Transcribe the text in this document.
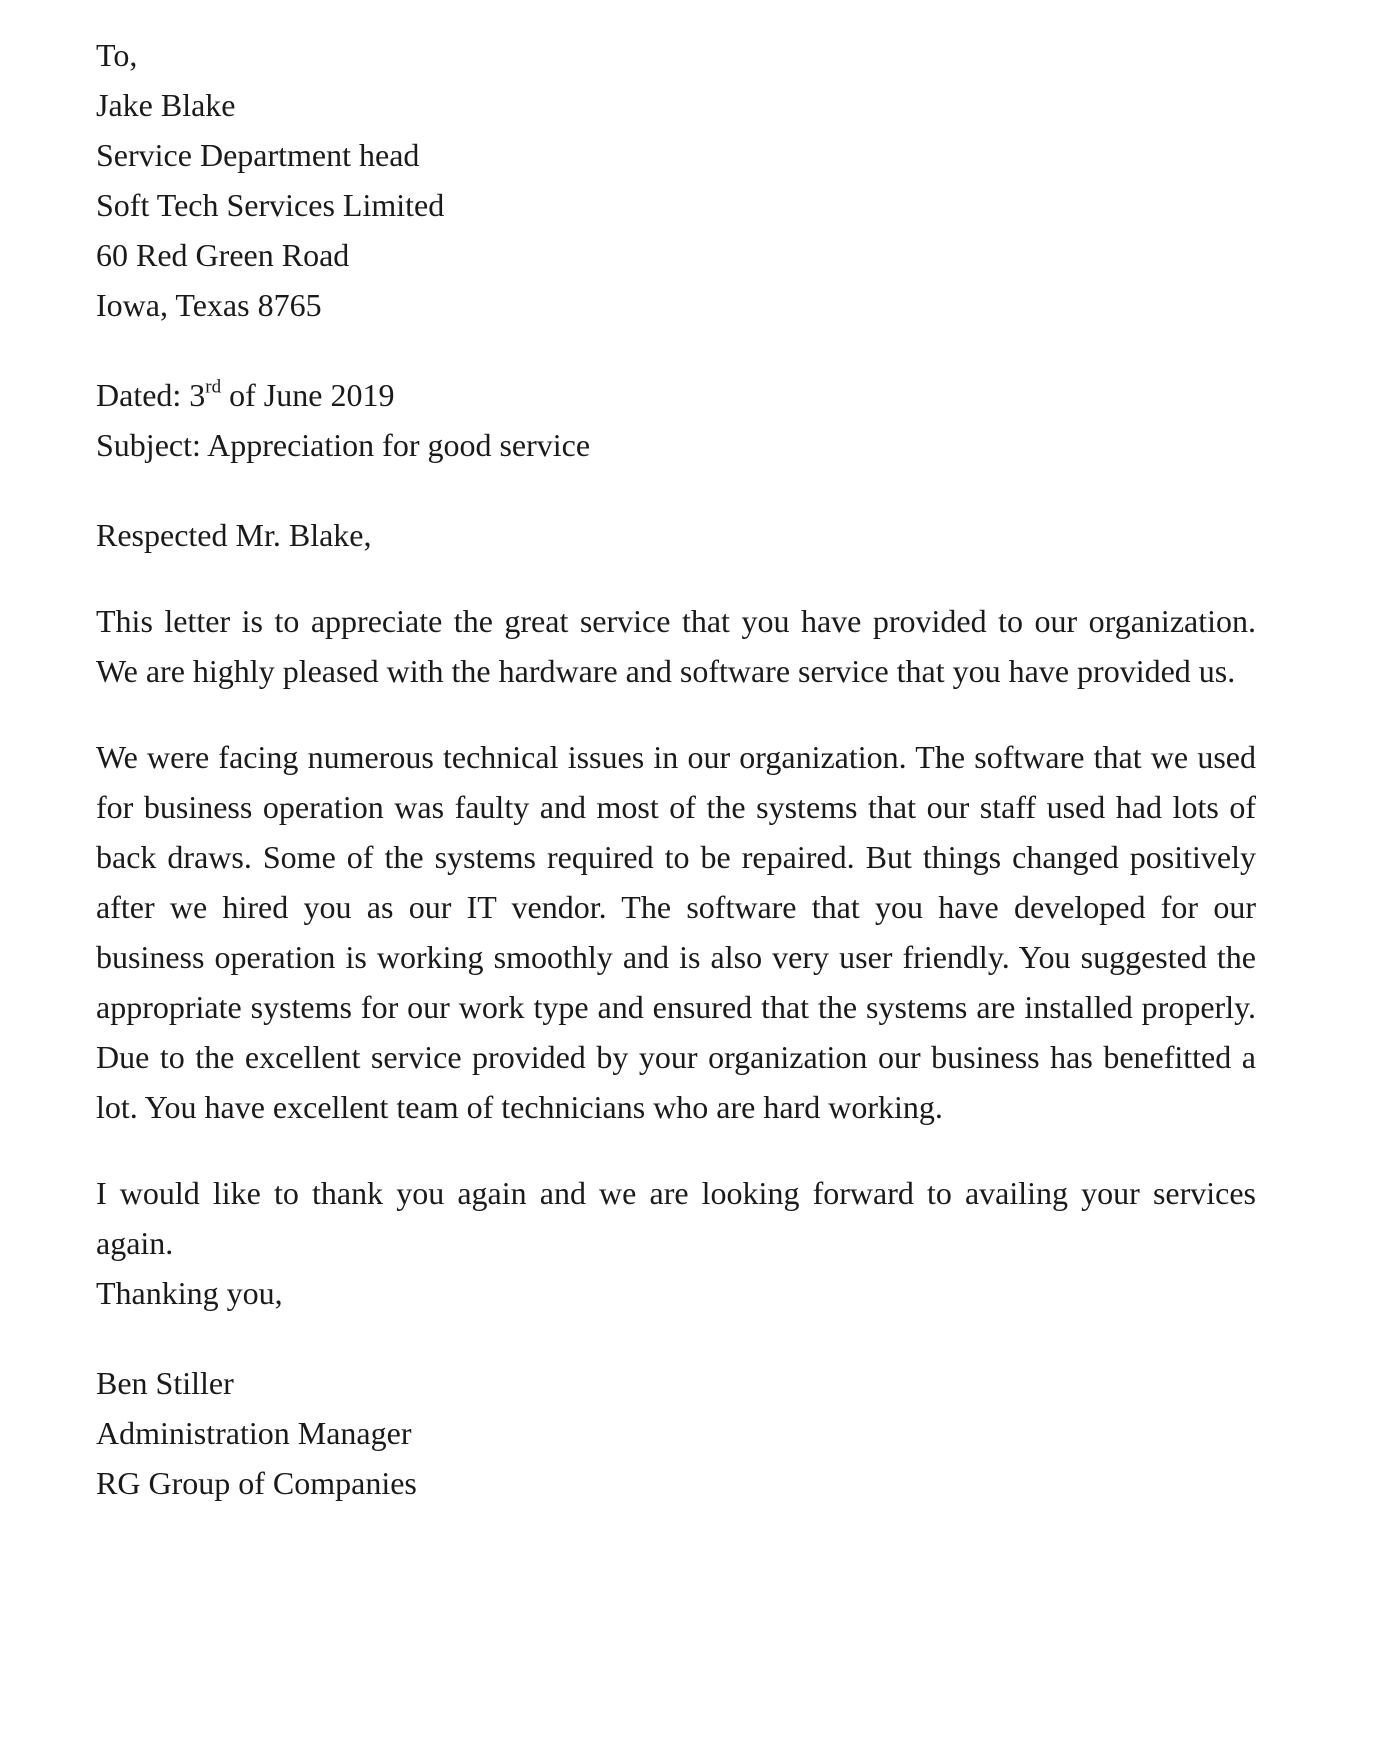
To,
Jake Blake
Service Department head
Soft Tech Services Limited
60 Red Green Road
Iowa, Texas 8765
Dated: 3rd of June 2019
Subject: Appreciation for good service
Respected Mr. Blake,

This letter is to appreciate the great service that you have provided to our organization. We are highly pleased with the hardware and software service that you have provided us.

We were facing numerous technical issues in our organization. The software that we used for business operation was faulty and most of the systems that our staff used had lots of back draws. Some of the systems required to be repaired. But things changed positively after we hired you as our IT vendor. The software that you have developed for our business operation is working smoothly and is also very user friendly. You suggested the appropriate systems for our work type and ensured that the systems are installed properly. Due to the excellent service provided by your organization our business has benefitted a lot. You have excellent team of technicians who are hard working.

I would like to thank you again and we are looking forward to availing your services again.

Thanking you,
Ben Stiller
Administration Manager
RG Group of Companies
